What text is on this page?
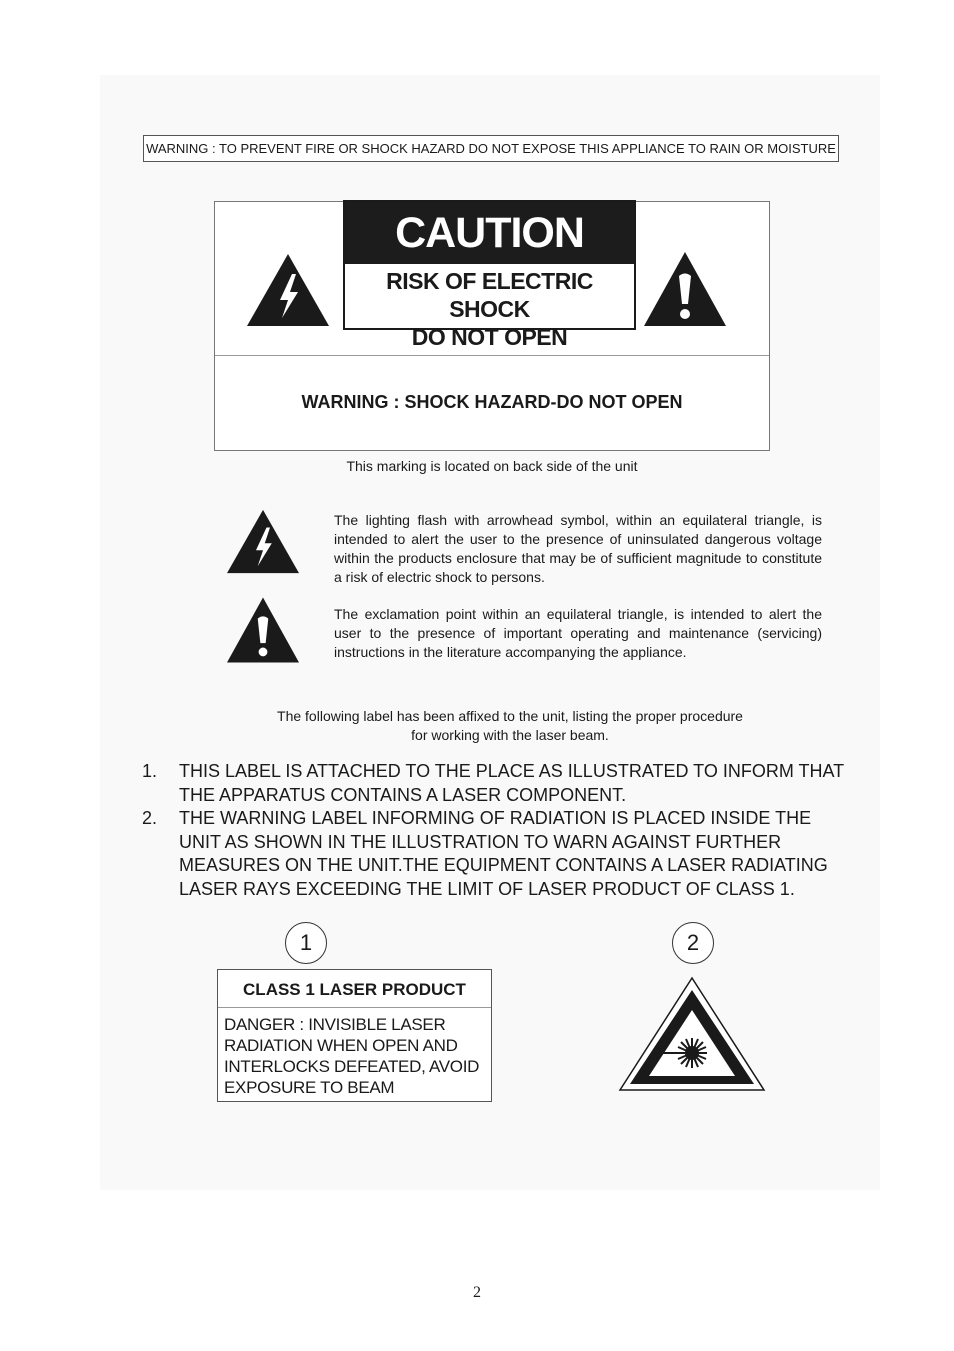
WARNING : TO PREVENT FIRE OR SHOCK HAZARD DO NOT EXPOSE THIS APPLIANCE TO RAIN OR MOISTURE
CAUTION
RISK OF ELECTRIC SHOCK
DO NOT OPEN
WARNING : SHOCK HAZARD-DO NOT OPEN
This marking is located on back side of the unit
The lighting flash with arrowhead symbol, within an equilateral triangle, is intended to alert the user to the presence of uninsulated dangerous voltage within the products enclosure that may be of sufficient magnitude to constitute a risk of electric shock to persons.
The exclamation point within an equilateral triangle, is intended to alert the user to the presence of important operating and maintenance (servicing) instructions in the literature accompanying the appliance.
The following label has been affixed to the unit, listing the proper procedure
for working with the laser beam.
1.	THIS LABEL IS ATTACHED TO THE PLACE AS ILLUSTRATED TO INFORM THAT THE APPARATUS CONTAINS A LASER COMPONENT.
2.	THE WARNING LABEL INFORMING OF RADIATION IS PLACED INSIDE THE UNIT AS SHOWN IN THE ILLUSTRATION TO WARN AGAINST FURTHER MEASURES ON THE UNIT.THE EQUIPMENT CONTAINS A LASER RADIATING LASER RAYS EXCEEDING THE LIMIT OF LASER PRODUCT OF CLASS 1.
1	2
CLASS 1 LASER PRODUCT
DANGER : INVISIBLE LASER
RADIATION WHEN OPEN AND
INTERLOCKS DEFEATED, AVOID
EXPOSURE TO BEAM
2
